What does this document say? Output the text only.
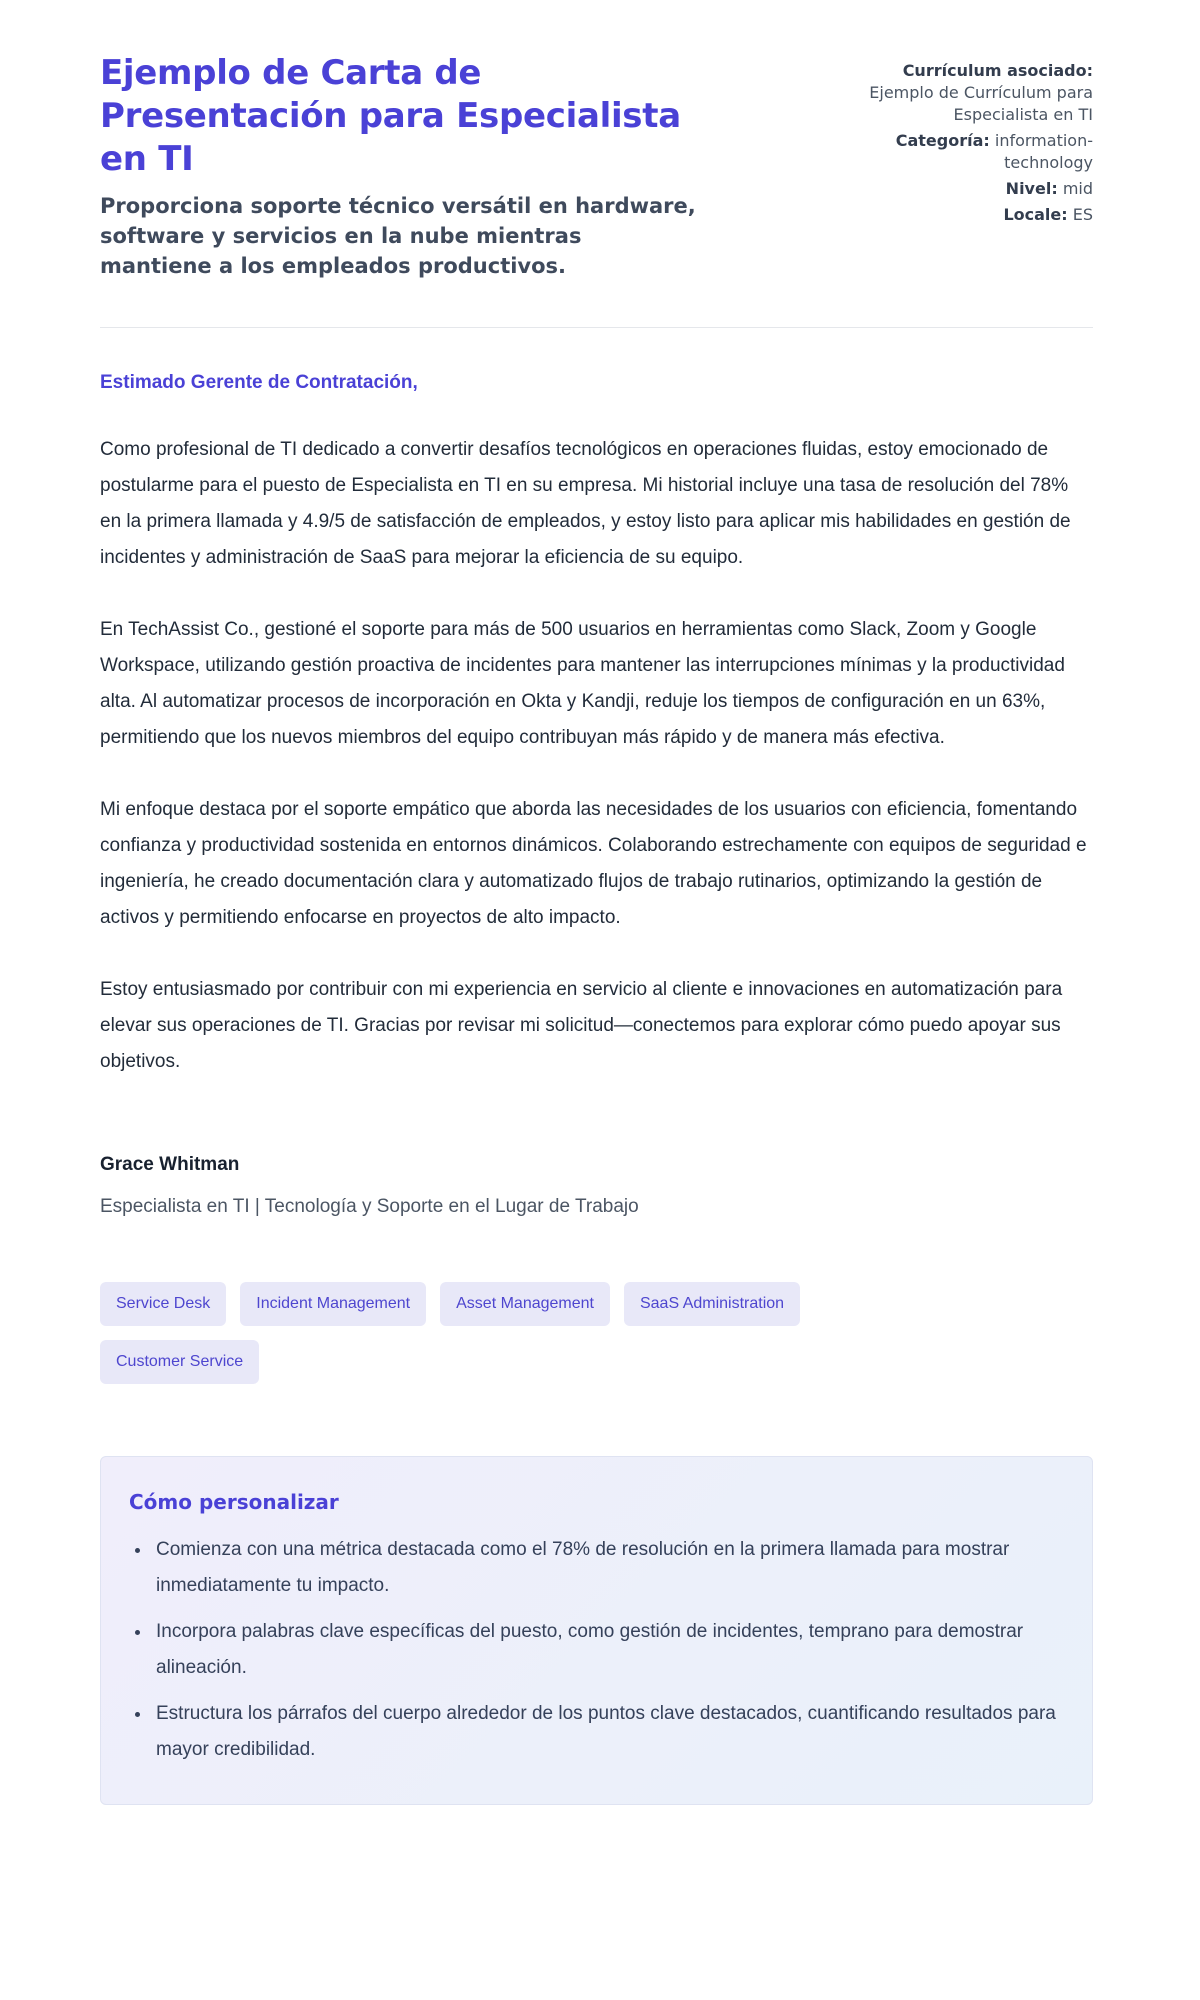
Ejemplo de Carta de Presentación para Especialista en TI

Proporciona soporte técnico versátil en hardware, software y servicios en la nube mientras mantiene a los empleados productivos.

Currículum asociado: Ejemplo de Currículum para Especialista en TI
Categoría: information-technology
Nivel: mid
Locale: ES

Estimado Gerente de Contratación,

Como profesional de TI dedicado a convertir desafíos tecnológicos en operaciones fluidas, estoy emocionado de postularme para el puesto de Especialista en TI en su empresa. Mi historial incluye una tasa de resolución del 78% en la primera llamada y 4.9/5 de satisfacción de empleados, y estoy listo para aplicar mis habilidades en gestión de incidentes y administración de SaaS para mejorar la eficiencia de su equipo.

En TechAssist Co., gestioné el soporte para más de 500 usuarios en herramientas como Slack, Zoom y Google Workspace, utilizando gestión proactiva de incidentes para mantener las interrupciones mínimas y la productividad alta. Al automatizar procesos de incorporación en Okta y Kandji, reduje los tiempos de configuración en un 63%, permitiendo que los nuevos miembros del equipo contribuyan más rápido y de manera más efectiva.

Mi enfoque destaca por el soporte empático que aborda las necesidades de los usuarios con eficiencia, fomentando confianza y productividad sostenida en entornos dinámicos. Colaborando estrechamente con equipos de seguridad e ingeniería, he creado documentación clara y automatizado flujos de trabajo rutinarios, optimizando la gestión de activos y permitiendo enfocarse en proyectos de alto impacto.

Estoy entusiasmado por contribuir con mi experiencia en servicio al cliente e innovaciones en automatización para elevar sus operaciones de TI. Gracias por revisar mi solicitud—conectemos para explorar cómo puedo apoyar sus objetivos.

Grace Whitman

Especialista en TI | Tecnología y Soporte en el Lugar de Trabajo

Service Desk	Incident Management	Asset Management	SaaS Administration
Customer Service
Cómo personalizar
• Comienza con una métrica destacada como el 78% de resolución en la primera llamada para mostrar inmediatamente tu impacto.
• Incorpora palabras clave específicas del puesto, como gestión de incidentes, temprano para demostrar alineación.
• Estructura los párrafos del cuerpo alrededor de los puntos clave destacados, cuantificando resultados para mayor credibilidad.
